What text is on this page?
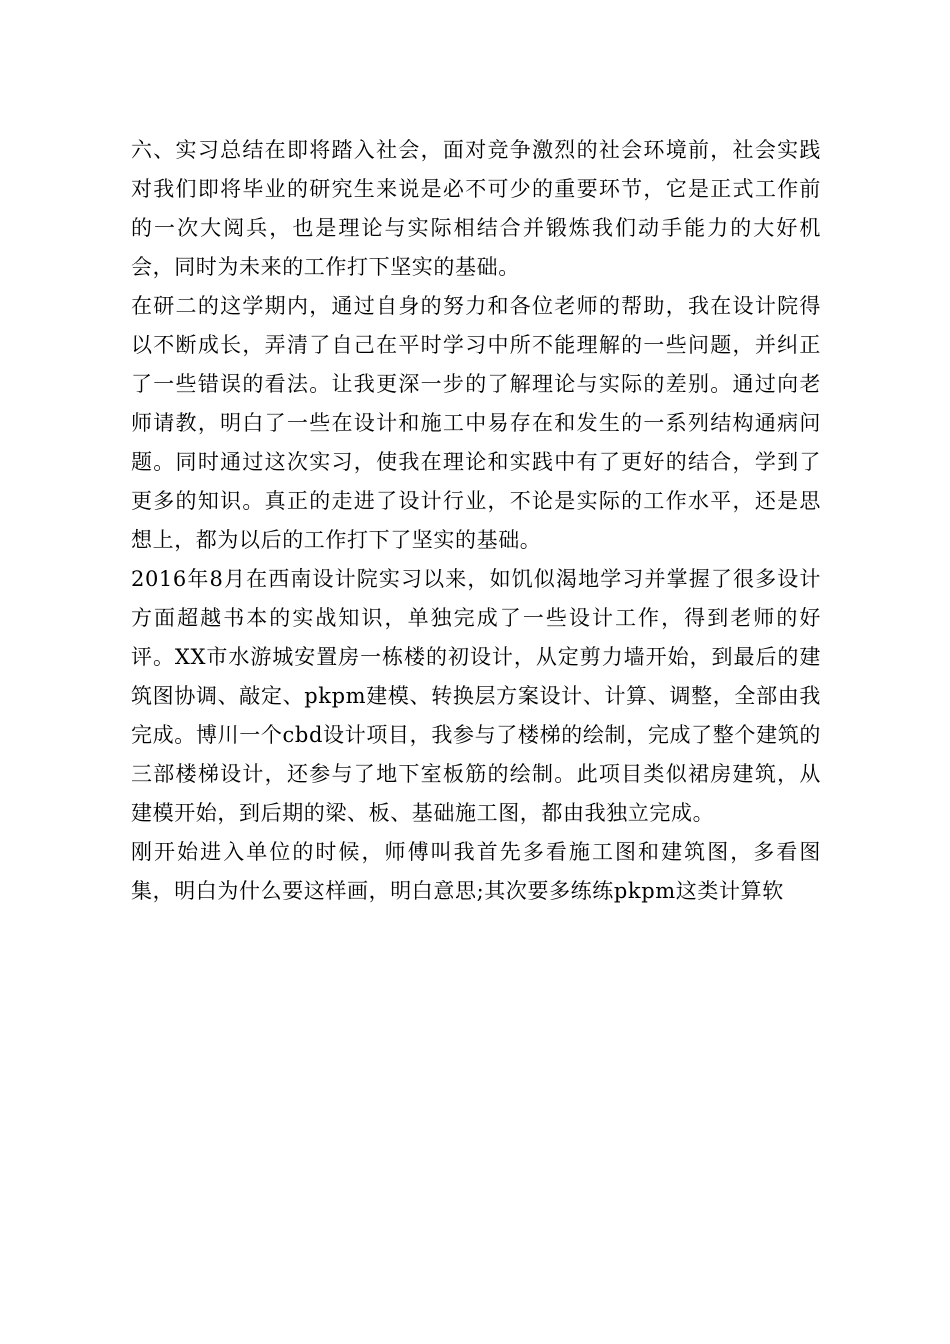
六、实习总结在即将踏入社会，面对竞争激烈的社会环境前，社会实践对我们即将毕业的研究生来说是必不可少的重要环节，它是正式工作前的一次大阅兵，也是理论与实际相结合并锻炼我们动手能力的大好机会，同时为未来的工作打下坚实的基础。

在研二的这学期内，通过自身的努力和各位老师的帮助，我在设计院得以不断成长，弄清了自己在平时学习中所不能理解的一些问题，并纠正了一些错误的看法。让我更深一步的了解理论与实际的差别。通过向老师请教，明白了一些在设计和施工中易存在和发生的一系列结构通病问题。同时通过这次实习，使我在理论和实践中有了更好的结合，学到了更多的知识。真正的走进了设计行业，不论是实际的工作水平，还是思想上，都为以后的工作打下了坚实的基础。

2016年8月在西南设计院实习以来，如饥似渴地学习并掌握了很多设计方面超越书本的实战知识，单独完成了一些设计工作，得到老师的好评。XX市水游城安置房一栋楼的初设计，从定剪力墙开始，到最后的建筑图协调、敲定、pkpm建模、转换层方案设计、计算、调整，全部由我完成。博川一个cbd设计项目，我参与了楼梯的绘制，完成了整个建筑的三部楼梯设计，还参与了地下室板筋的绘制。此项目类似裙房建筑，从建模开始，到后期的梁、板、基础施工图，都由我独立完成。

刚开始进入单位的时候，师傅叫我首先多看施工图和建筑图，多看图集，明白为什么要这样画，明白意思;其次要多练练pkpm这类计算软
